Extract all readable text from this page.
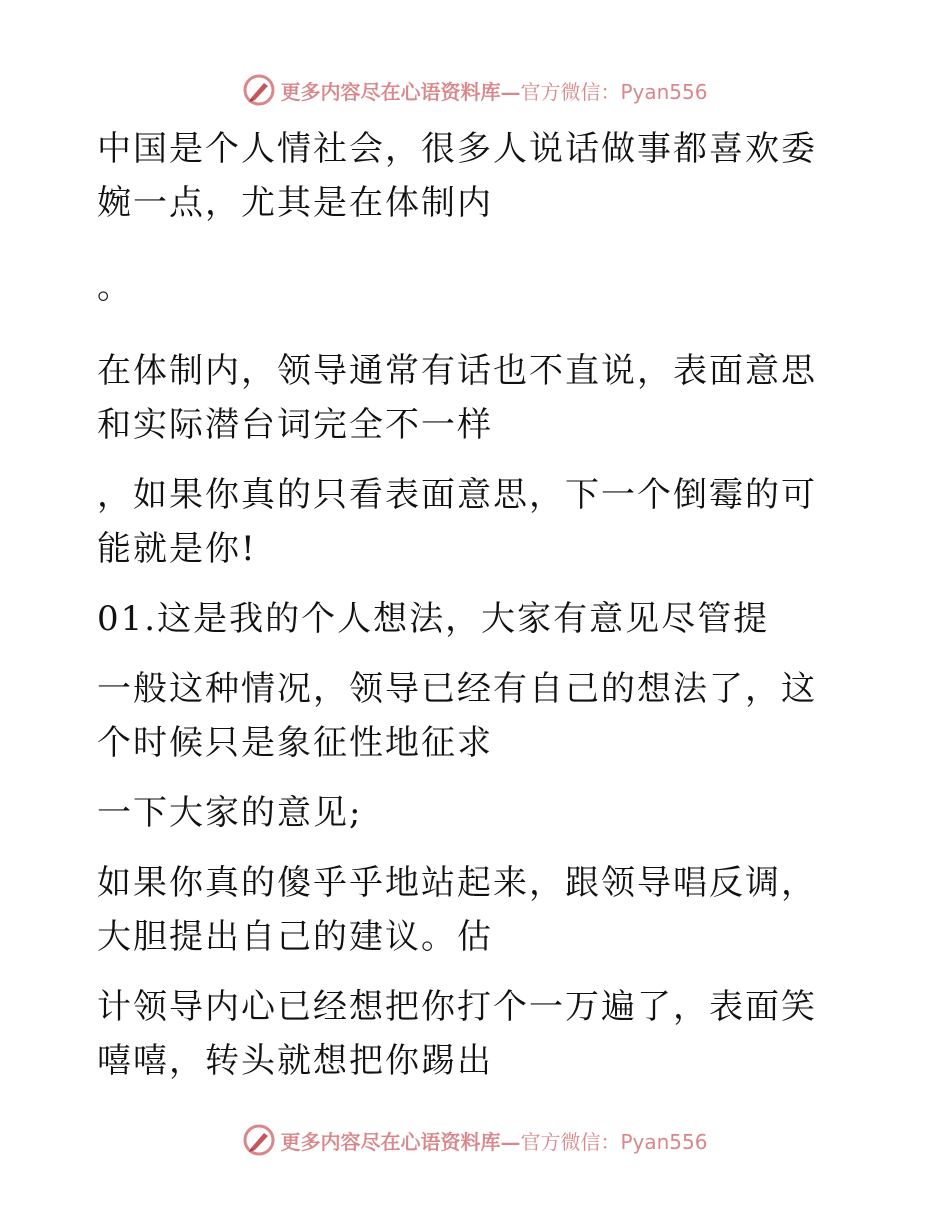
更多内容尽在心语资料库— 官方微信：Pyan556

中国是个人情社会，很多人说话做事都喜欢委婉一点，尤其是在体制内

。

在体制内，领导通常有话也不直说，表面意思和实际潜台词完全不一样

，如果你真的只看表面意思，下一个倒霉的可能就是你!

01.这是我的个人想法，大家有意见尽管提

一般这种情况，领导已经有自己的想法了，这个时候只是象征性地征求

一下大家的意见;

如果你真的傻乎乎地站起来，跟领导唱反调，大胆提出自己的建议。估

计领导内心已经想把你打个一万遍了，表面笑嘻嘻，转头就想把你踢出

更多内容尽在心语资料库— 官方微信：Pyan556
